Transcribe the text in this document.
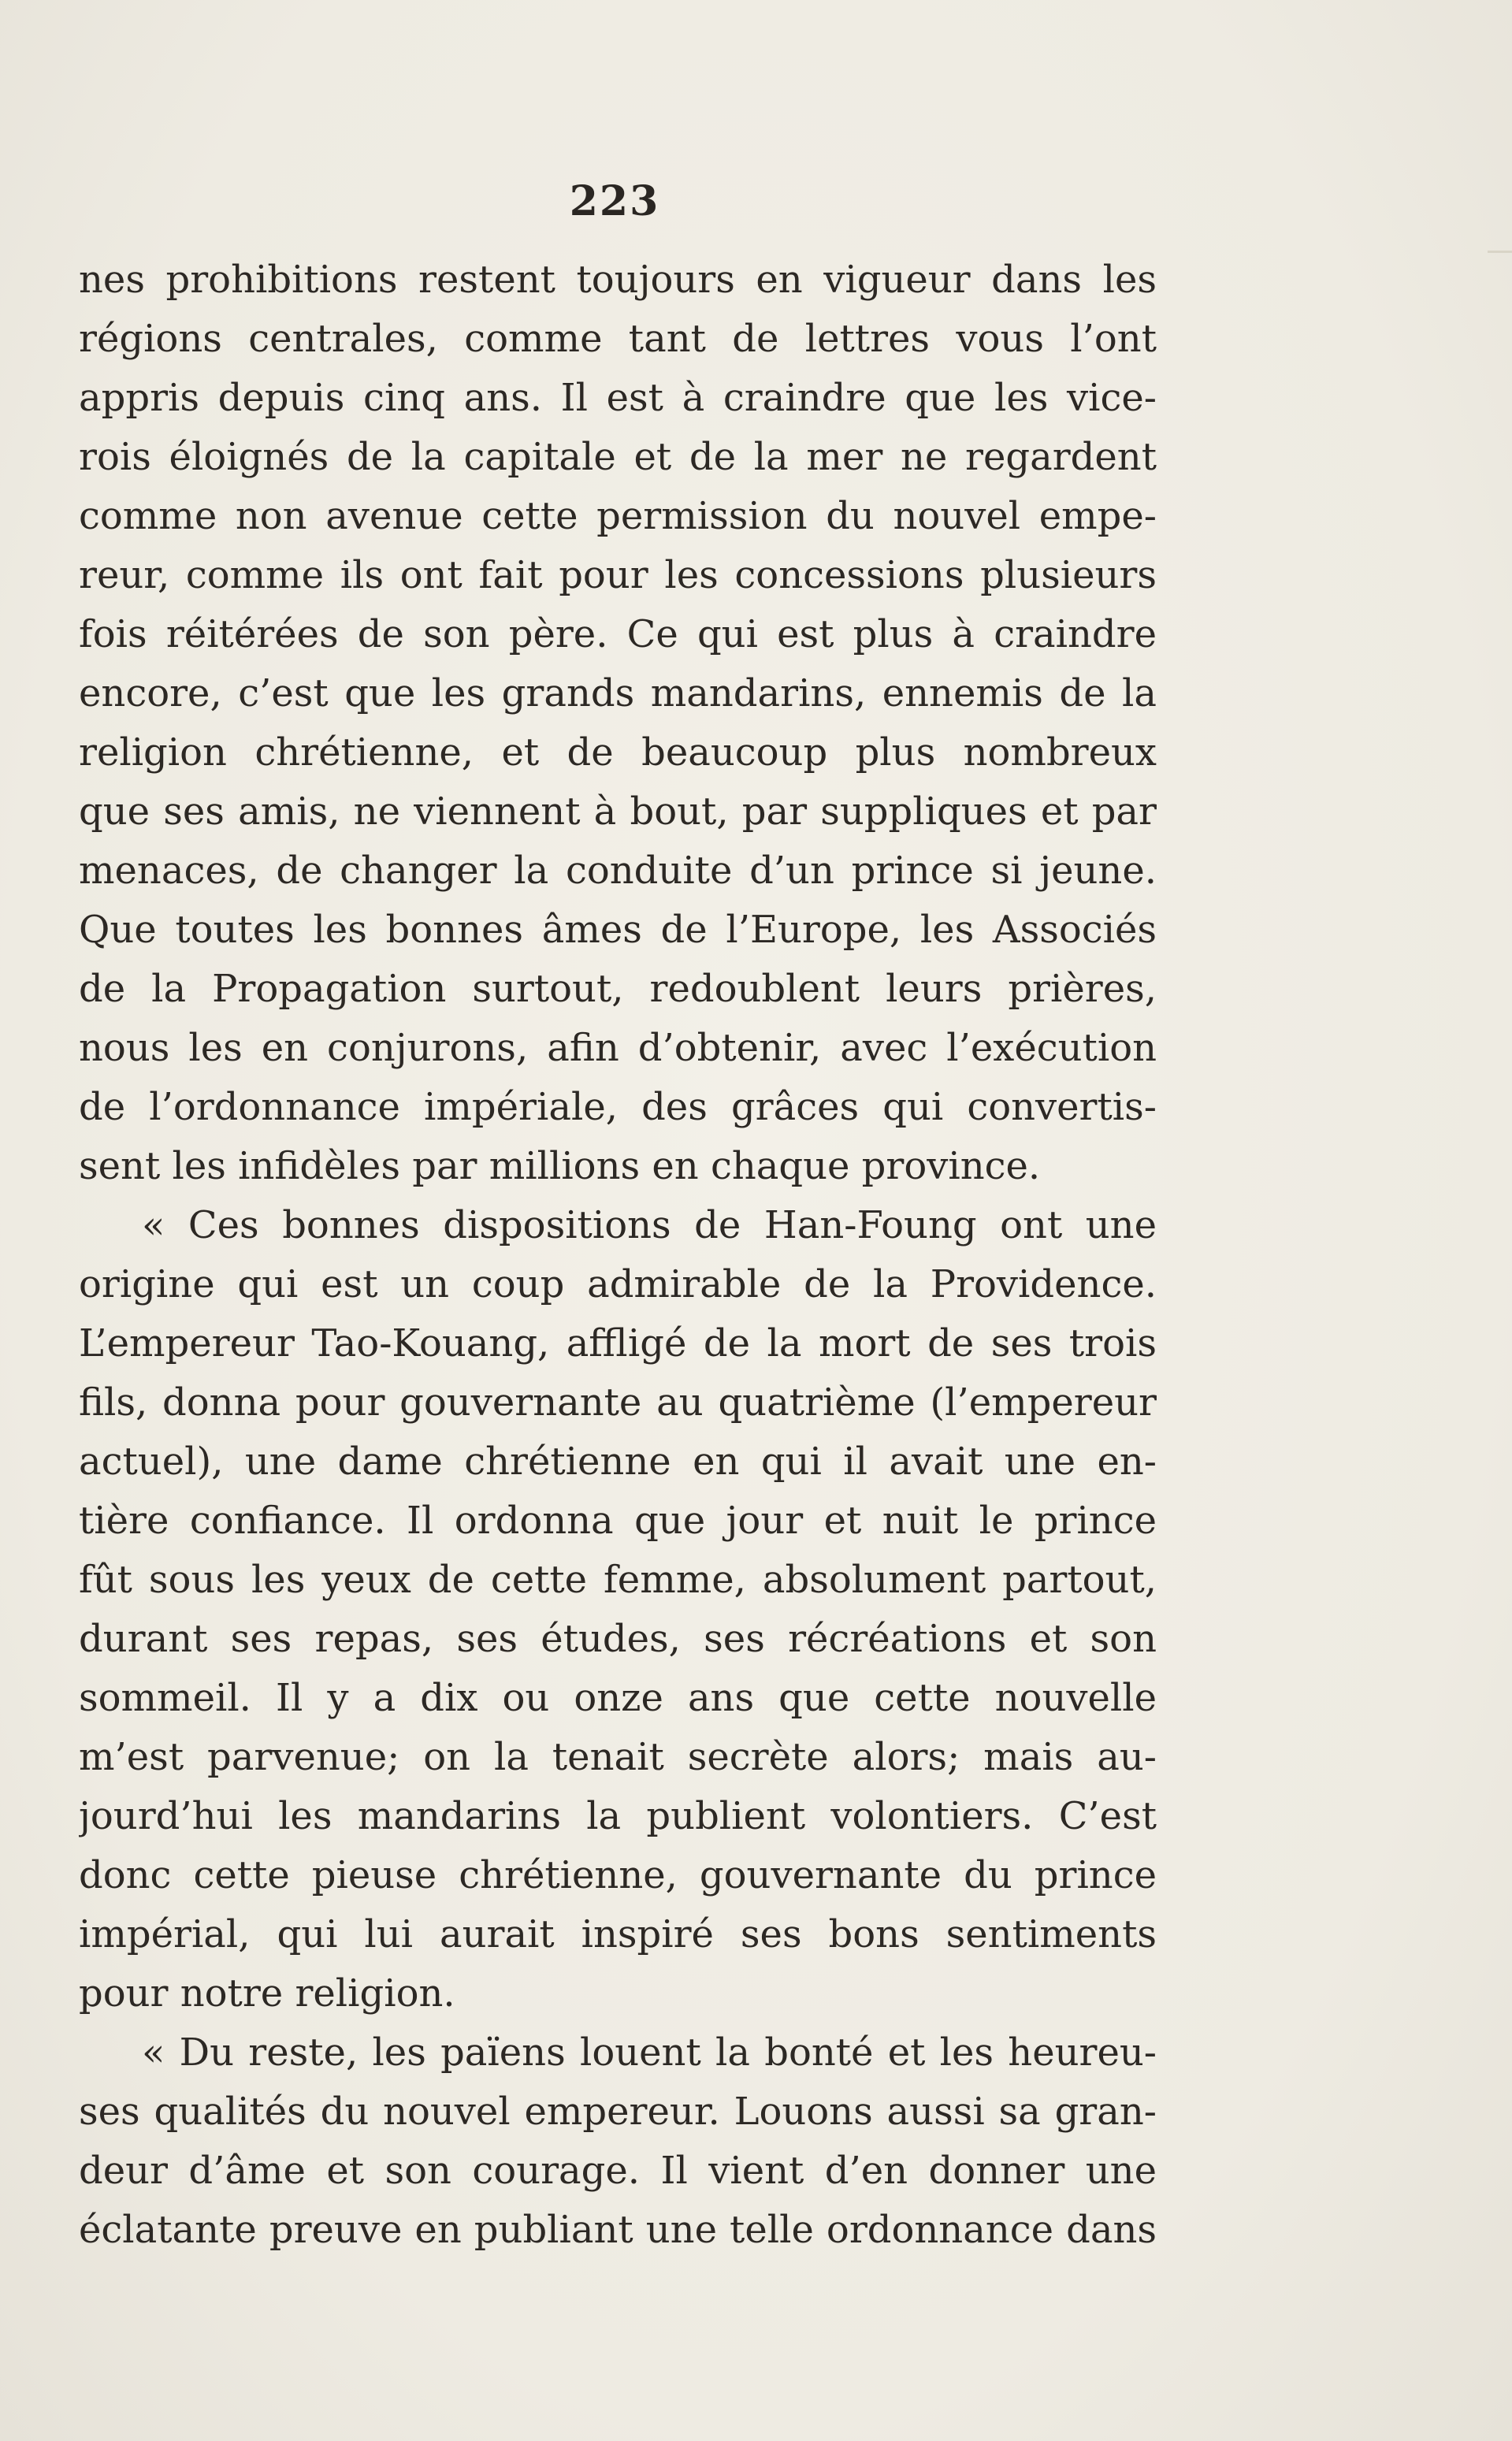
223
nes prohibitions restent toujours en vigueur dans les
régions centrales, comme tant de lettres vous l’ont
appris depuis cinq ans. Il est à craindre que les vice-
rois éloignés de la capitale et de la mer ne regardent
comme non avenue cette permission du nouvel empe-
reur, comme ils ont fait pour les concessions plusieurs
fois réitérées de son père. Ce qui est plus à craindre
encore, c’est que les grands mandarins, ennemis de la
religion chrétienne, et de beaucoup plus nombreux
que ses amis, ne viennent à bout, par suppliques et par
menaces, de changer la conduite d’un prince si jeune.
Que toutes les bonnes âmes de l’Europe, les Associés
de la Propagation surtout, redoublent leurs prières,
nous les en conjurons, afin d’obtenir, avec l’exécution
de l’ordonnance impériale, des grâces qui convertis-
sent les infidèles par millions en chaque province.
« Ces bonnes dispositions de Han-Foung ont une
origine qui est un coup admirable de la Providence.
L’empereur Tao-Kouang, affligé de la mort de ses trois
fils, donna pour gouvernante au quatrième (l’empereur
actuel), une dame chrétienne en qui il avait une en-
tière confiance. Il ordonna que jour et nuit le prince
fût sous les yeux de cette femme, absolument partout,
durant ses repas, ses études, ses récréations et son
sommeil. Il y a dix ou onze ans que cette nouvelle
m’est parvenue; on la tenait secrète alors; mais au-
jourd’hui les mandarins la publient volontiers. C’est
donc cette pieuse chrétienne, gouvernante du prince
impérial, qui lui aurait inspiré ses bons sentiments
pour notre religion.
« Du reste, les païens louent la bonté et les heureu-
ses qualités du nouvel empereur. Louons aussi sa gran-
deur d’âme et son courage. Il vient d’en donner une
éclatante preuve en publiant une telle ordonnance dans
